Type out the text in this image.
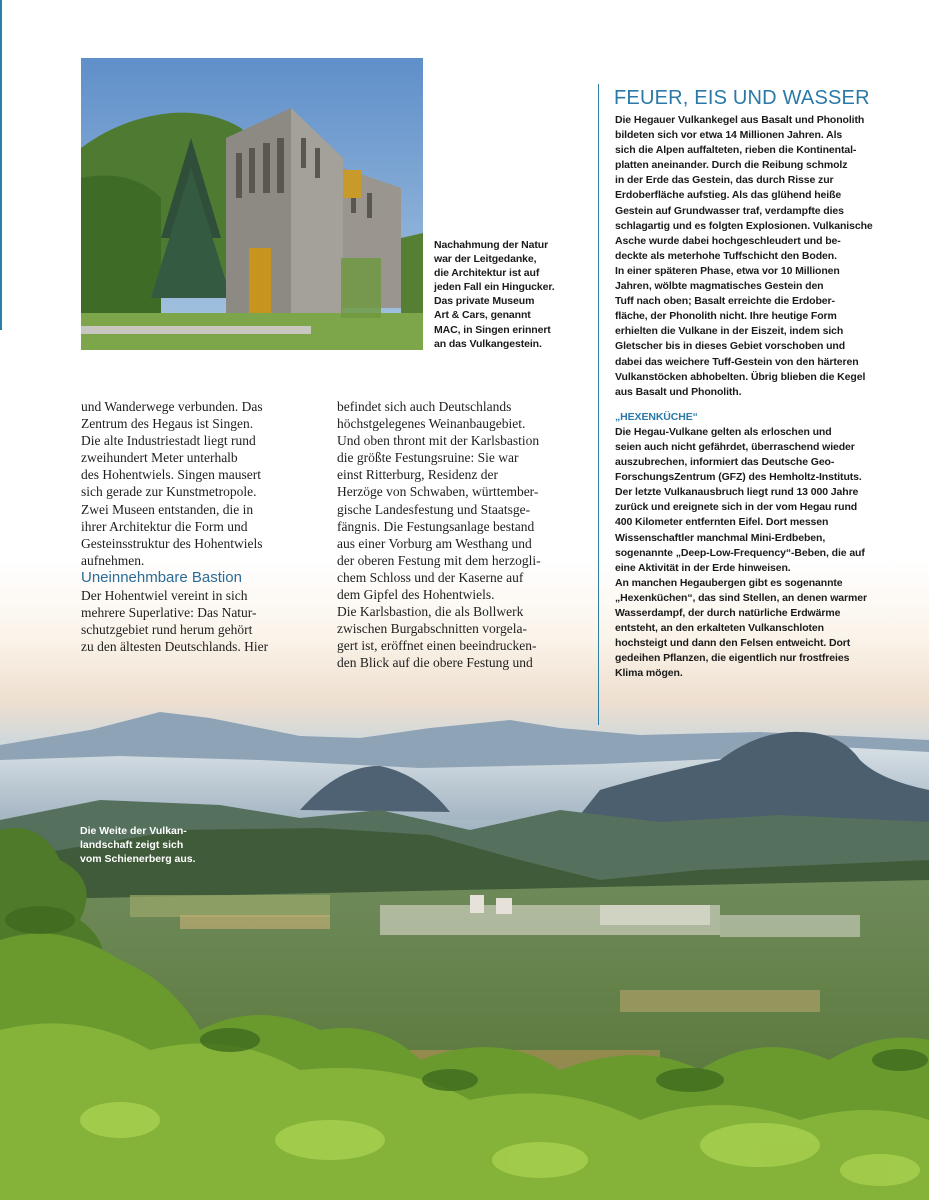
Nachahmung der Natur
war der Leitgedanke,
die Architektur ist auf
jeden Fall ein Hingucker.
Das private Museum
Art & Cars, genannt
MAC, in Singen erinnert
an das Vulkangestein.

und Wanderwege verbunden. Das

Zentrum des Hegaus ist Singen.

Die alte Industriestadt liegt rund

zweihundert Meter unterhalb

des Hohentwiels. Singen mausert

sich gerade zur Kunstmetropole.

Zwei Museen entstanden, die in

ihrer Architektur die Form und

Gesteinsstruktur des Hohentwiels

aufnehmen.

Uneinnehmbare Bastion

Der Hohentwiel vereint in sich

mehrere Superlative: Das Natur-

schutzgebiet rund herum gehört

zu den ältesten Deutschlands. Hier

befindet sich auch Deutschlands

höchstgelegenes Weinanbaugebiet.

Und oben thront mit der Karlsbastion

die größte Festungsruine: Sie war

einst Ritterburg, Residenz der

Herzöge von Schwaben, württember-

gische Landesfestung und Staatsge-

fängnis. Die Festungsanlage bestand

aus einer Vorburg am Westhang und

der oberen Festung mit dem herzogli-

chem Schloss und der Kaserne auf

dem Gipfel des Hohentwiels.

Die Karlsbastion, die als Bollwerk

zwischen Burgabschnitten vorgela-

gert ist, eröffnet einen beeindrucken-

den Blick auf die obere Festung und

FEUER, EIS UND WASSER

Die Hegauer Vulkankegel aus Basalt und Phonolith

bildeten sich vor etwa 14 Millionen Jahren. Als

sich die Alpen auffalteten, rieben die Kontinental-

platten aneinander. Durch die Reibung schmolz

in der Erde das Gestein, das durch Risse zur

Erdoberfläche aufstieg. Als das glühend heiße

Gestein auf Grundwasser traf, verdampfte dies

schlagartig und es folgten Explosionen. Vulkanische

Asche wurde dabei hochgeschleudert und be-

deckte als meterhohe Tuffschicht den Boden.

In einer späteren Phase, etwa vor 10 Millionen

Jahren, wölbte magmatisches Gestein den

Tuff nach oben; Basalt erreichte die Erdober-

fläche, der Phonolith nicht. Ihre heutige Form

erhielten die Vulkane in der Eiszeit, indem sich

Gletscher bis in dieses Gebiet vorschoben und

dabei das weichere Tuff-Gestein von den härteren

Vulkanstöcken abhobelten. Übrig blieben die Kegel

aus Basalt und Phonolith.

„HEXENKÜCHE“

Die Hegau-Vulkane gelten als erloschen und

seien auch nicht gefährdet, überraschend wieder

auszubrechen, informiert das Deutsche Geo-

ForschungsZentrum (GFZ) des Hemholtz-Instituts.

Der letzte Vulkanausbruch liegt rund 13 000 Jahre

zurück und ereignete sich in der vom Hegau rund

400 Kilometer entfernten Eifel. Dort messen

Wissenschaftler manchmal Mini-Erdbeben,

sogenannte „Deep-Low-Frequency“-Beben, die auf

eine Aktivität in der Erde hinweisen.

An manchen Hegaubergen gibt es sogenannte

„Hexenküchen“, das sind Stellen, an denen warmer

Wasserdampf, der durch natürliche Erdwärme

entsteht, an den erkalteten Vulkanschloten

hochsteigt und dann den Felsen entweicht. Dort

gedeihen Pflanzen, die eigentlich nur frostfreies

Klima mögen.

Die Weite der Vulkan-
landschaft zeigt sich
vom Schienerberg aus.
